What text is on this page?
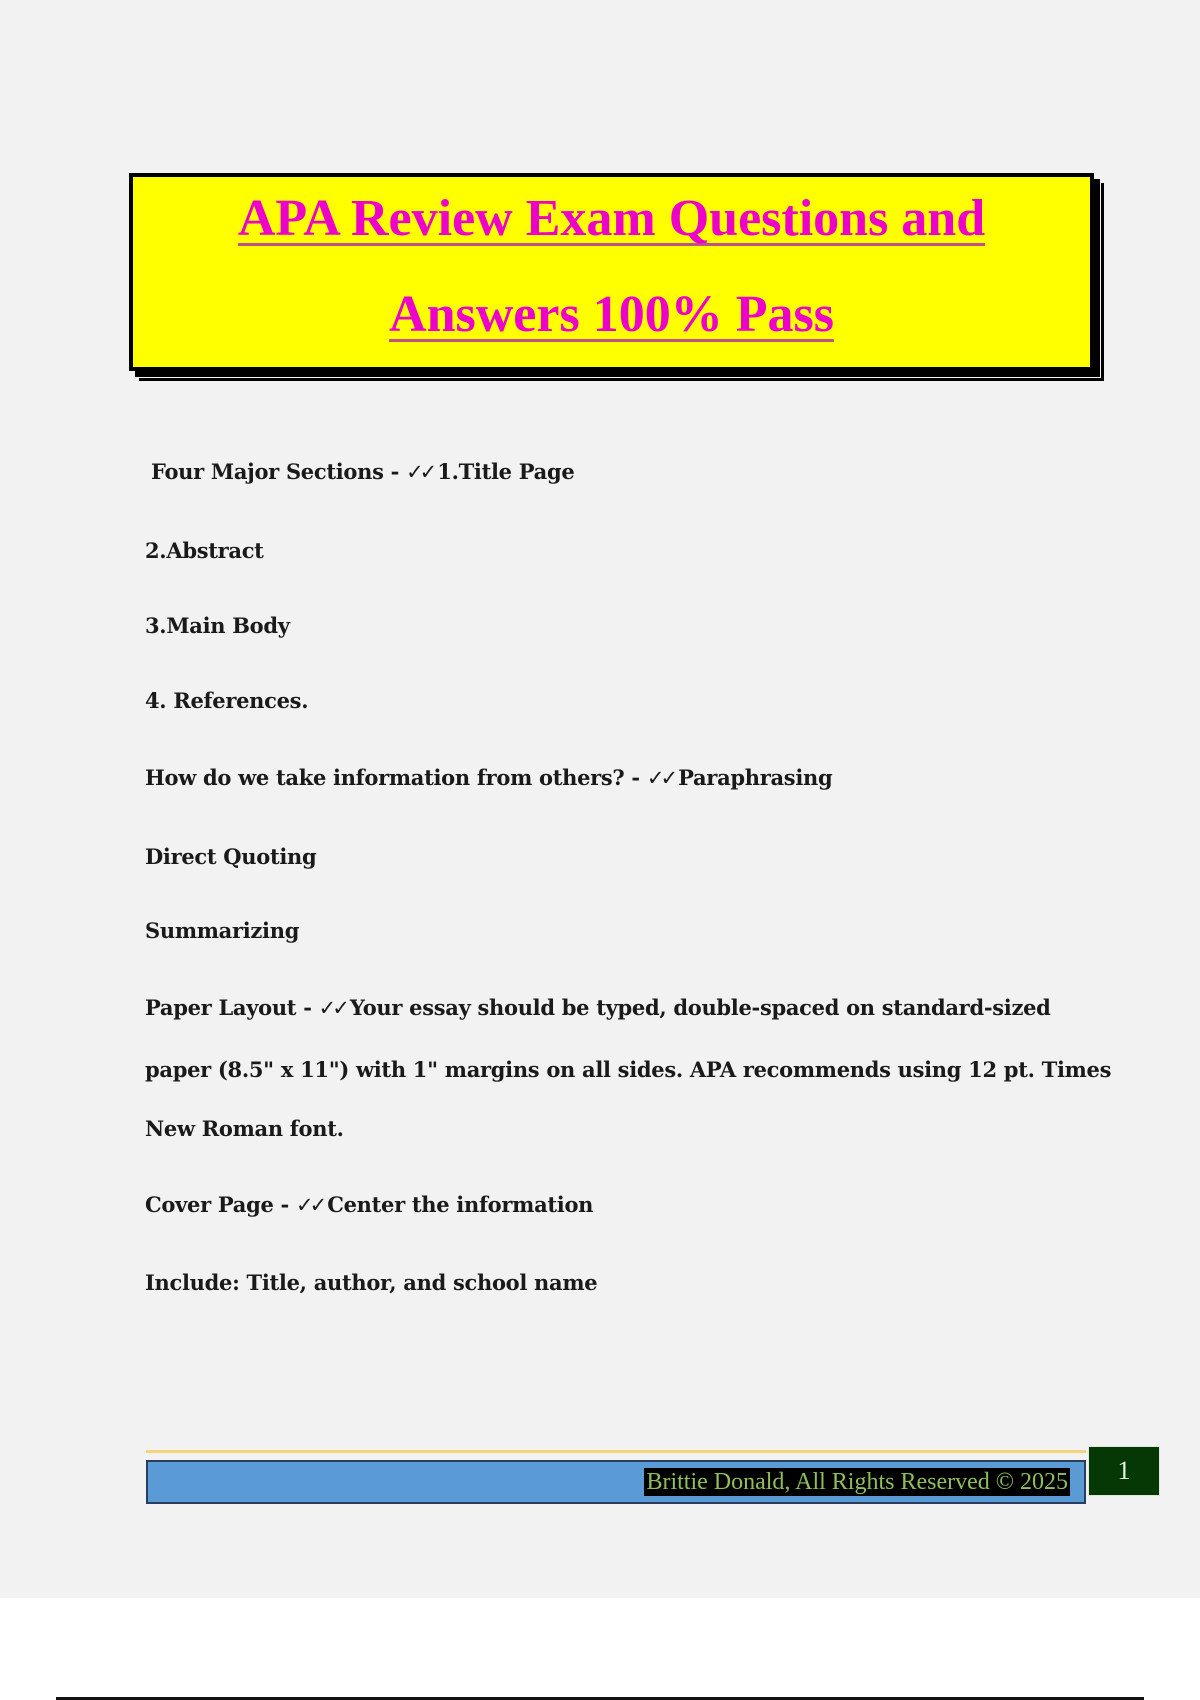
APA Review Exam Questions and
Answers 100% Pass
Four Major Sections - ✓✓ 1.Title Page
2.Abstract
3.Main Body
4. References.
How do we take information from others? - ✓✓ Paraphrasing
Direct Quoting
Summarizing
Paper Layout - ✓✓ Your essay should be typed, double-spaced on standard-sized
paper (8.5" x 11") with 1" margins on all sides. APA recommends using 12 pt. Times
New Roman font.
Cover Page - ✓✓ Center the information
Include: Title, author, and school name
Brittie Donald, All Rights Reserved © 2025	1
